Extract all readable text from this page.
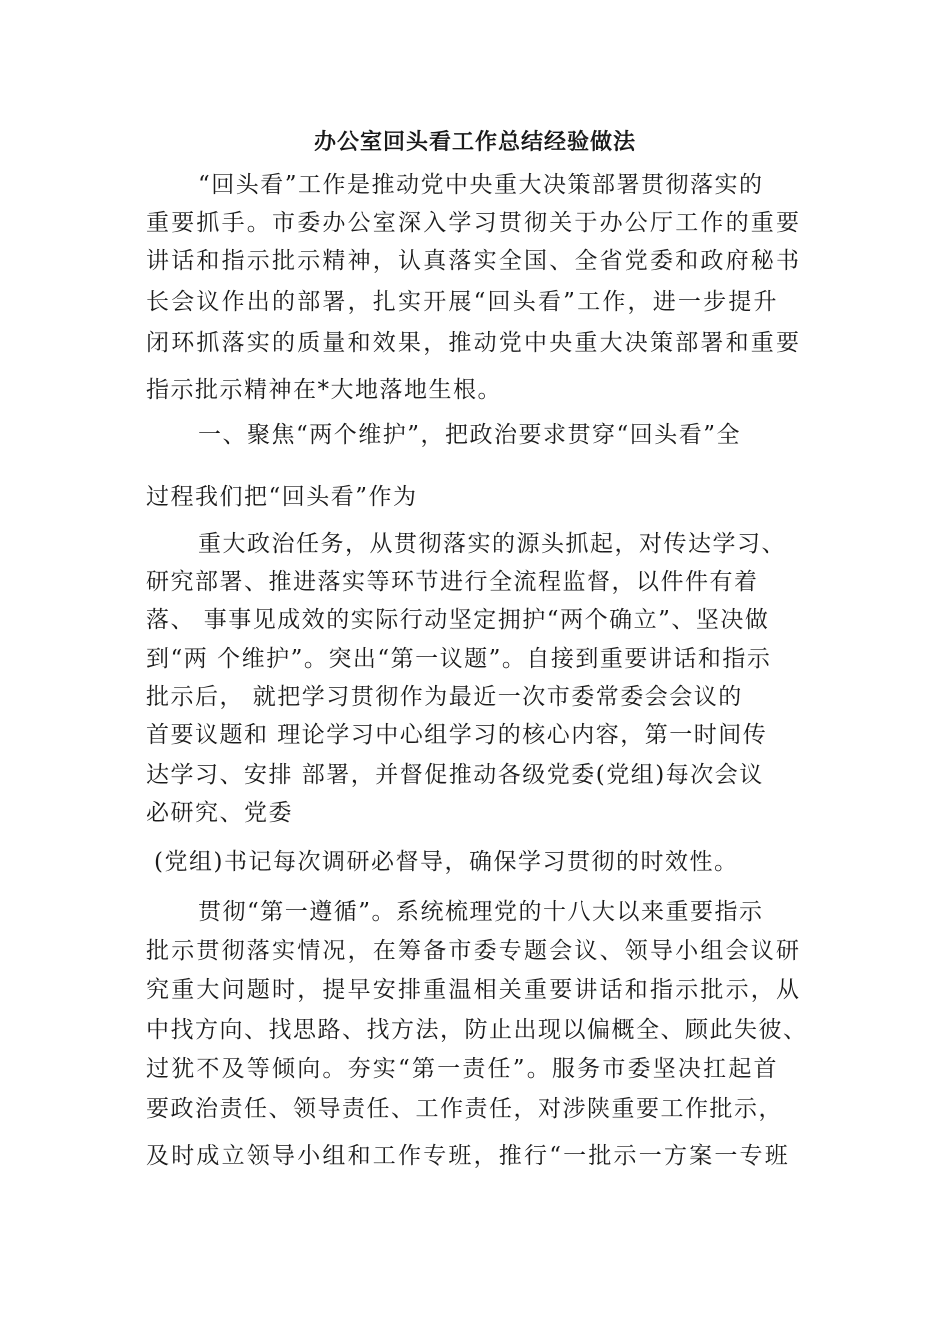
办公室回头看工作总结经验做法
“回头看”工作是推动党中央重大决策部署贯彻落实的
重要抓手。市委办公室深入学习贯彻关于办公厅工作的重要
讲话和指示批示精神，认真落实全国、全省党委和政府秘书
长会议作出的部署，扎实开展“回头看”工作，进一步提升
闭环抓落实的质量和效果，推动党中央重大决策部署和重要
指示批示精神在*大地落地生根。
一、聚焦“两个维护”，把政治要求贯穿“回头看”全
过程我们把“回头看”作为
重大政治任务，从贯彻落实的源头抓起，对传达学习、
研究部署、推进落实等环节进行全流程监督，以件件有着
落、 事事见成效的实际行动坚定拥护“两个确立”、坚决做
到“两 个维护”。突出“第一议题”。自接到重要讲话和指示
批示后， 就把学习贯彻作为最近一次市委常委会会议的
首要议题和 理论学习中心组学习的核心内容，第一时间传
达学习、安排 部署，并督促推动各级党委(党组)每次会议
必研究、党委
(党组)书记每次调研必督导，确保学习贯彻的时效性。
贯彻“第一遵循”。系统梳理党的十八大以来重要指示
批示贯彻落实情况，在筹备市委专题会议、领导小组会议研
究重大问题时，提早安排重温相关重要讲话和指示批示，从
中找方向、找思路、找方法，防止出现以偏概全、顾此失彼、
过犹不及等倾向。夯实“第一责任”。服务市委坚决扛起首
要政治责任、领导责任、工作责任，对涉陕重要工作批示，
及时成立领导小组和工作专班，推行“一批示一方案一专班
